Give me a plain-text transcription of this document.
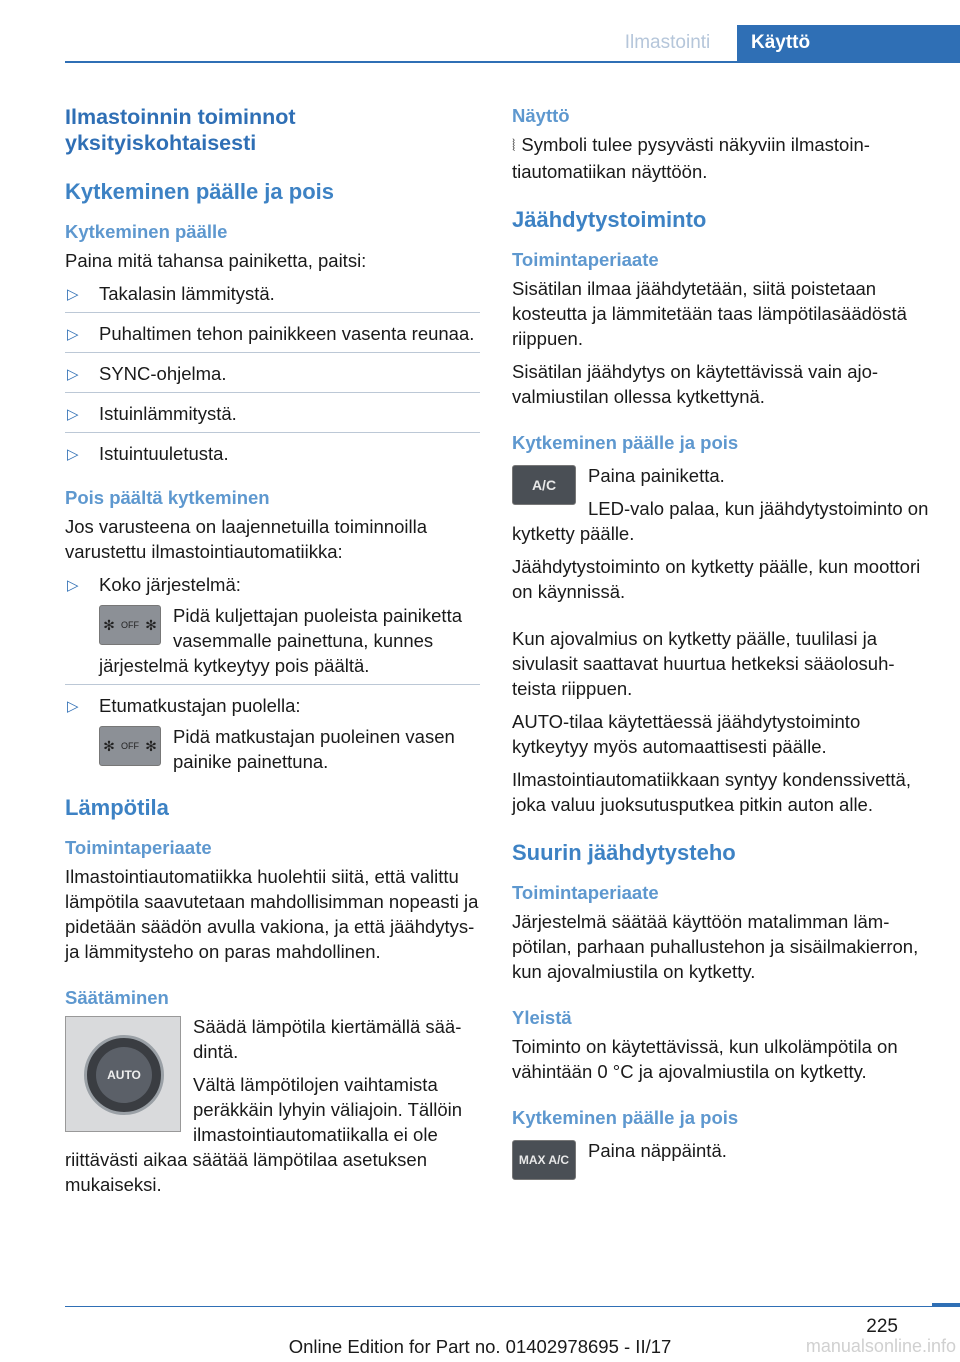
Ilmastointi	Käyttö
Ilmastoinnin toiminnot yksityiskohtaisesti
Kytkeminen päälle ja pois
Kytkeminen päälle
Paina mitä tahansa painiketta, paitsi:
▷ Takalasin lämmitystä.
▷ Puhaltimen tehon painikkeen vasenta reunaa.
▷ SYNC-ohjelma.
▷ Istuinlämmitystä.
▷ Istuintuuletusta.
Pois päältä kytkeminen
Jos varusteena on laajennetuilla toiminnoilla varustettu ilmastointiautomatiikka:
▷ Koko järjestelmä:
✻ OFF ✻ Pidä kuljettajan puoleista painiketta vasemmalle painettuna, kunnes järjestelmä kytkeytyy pois päältä.
▷ Etumatkustajan puolella:
✻ OFF ✻ Pidä matkustajan puoleinen vasen painike painettuna.
Lämpötila
Toimintaperiaate
Ilmastointiautomatiikka huolehtii siitä, että valittu lämpötila saavutetaan mahdollisimman nopeasti ja pidetään säädön avulla vakiona, ja että jäähdytys- ja lämmitysteho on paras mahdollinen.
Säätäminen
AUTO
Säädä lämpötila kiertämällä säädintä.
Vältä lämpötilojen vaihtamista peräkkäin lyhyin väliajoin. Tällöin ilmastointiautomatiikalla ei ole riittävästi aikaa säätää lämpötilaa asetuksen mukaiseksi.
Näyttö
⦚ Symboli tulee pysyvästi näkyviin ilmastointiautomatiikan näyttöön.
Jäähdytystoiminto
Toimintaperiaate
Sisätilan ilmaa jäähdytetään, siitä poistetaan kosteutta ja lämmitetään taas lämpötilasäädöstä riippuen.
Sisätilan jäähdytys on käytettävissä vain ajovalmiustilan ollessa kytkettynä.
Kytkeminen päälle ja pois
A/C	Paina painiketta.
LED-valo palaa, kun jäähdytystoiminto on kytketty päälle.
Jäähdytystoiminto on kytketty päälle, kun moottori on käynnissä.
Kun ajovalmius on kytketty päälle, tuulilasi ja sivulasit saattavat huurtua hetkeksi sääolosuhteista riippuen.
AUTO-tilaa käytettäessä jäähdytystoiminto kytkeytyy myös automaattisesti päälle.
Ilmastointiautomatiikkaan syntyy kondenssivettä, joka valuu juoksutusputkea pitkin auton alle.
Suurin jäähdytysteho
Toimintaperiaate
Järjestelmä säätää käyttöön matalimman lämpötilan, parhaan puhallustehon ja sisäilmakierron, kun ajovalmiustila on kytketty.
Yleistä
Toiminto on käytettävissä, kun ulkolämpötila on vähintään 0 °C ja ajovalmiustila on kytketty.
Kytkeminen päälle ja pois
MAX A/C	Paina näppäintä.
225
Online Edition for Part no. 01402978695 - II/17	manualsonline.info
